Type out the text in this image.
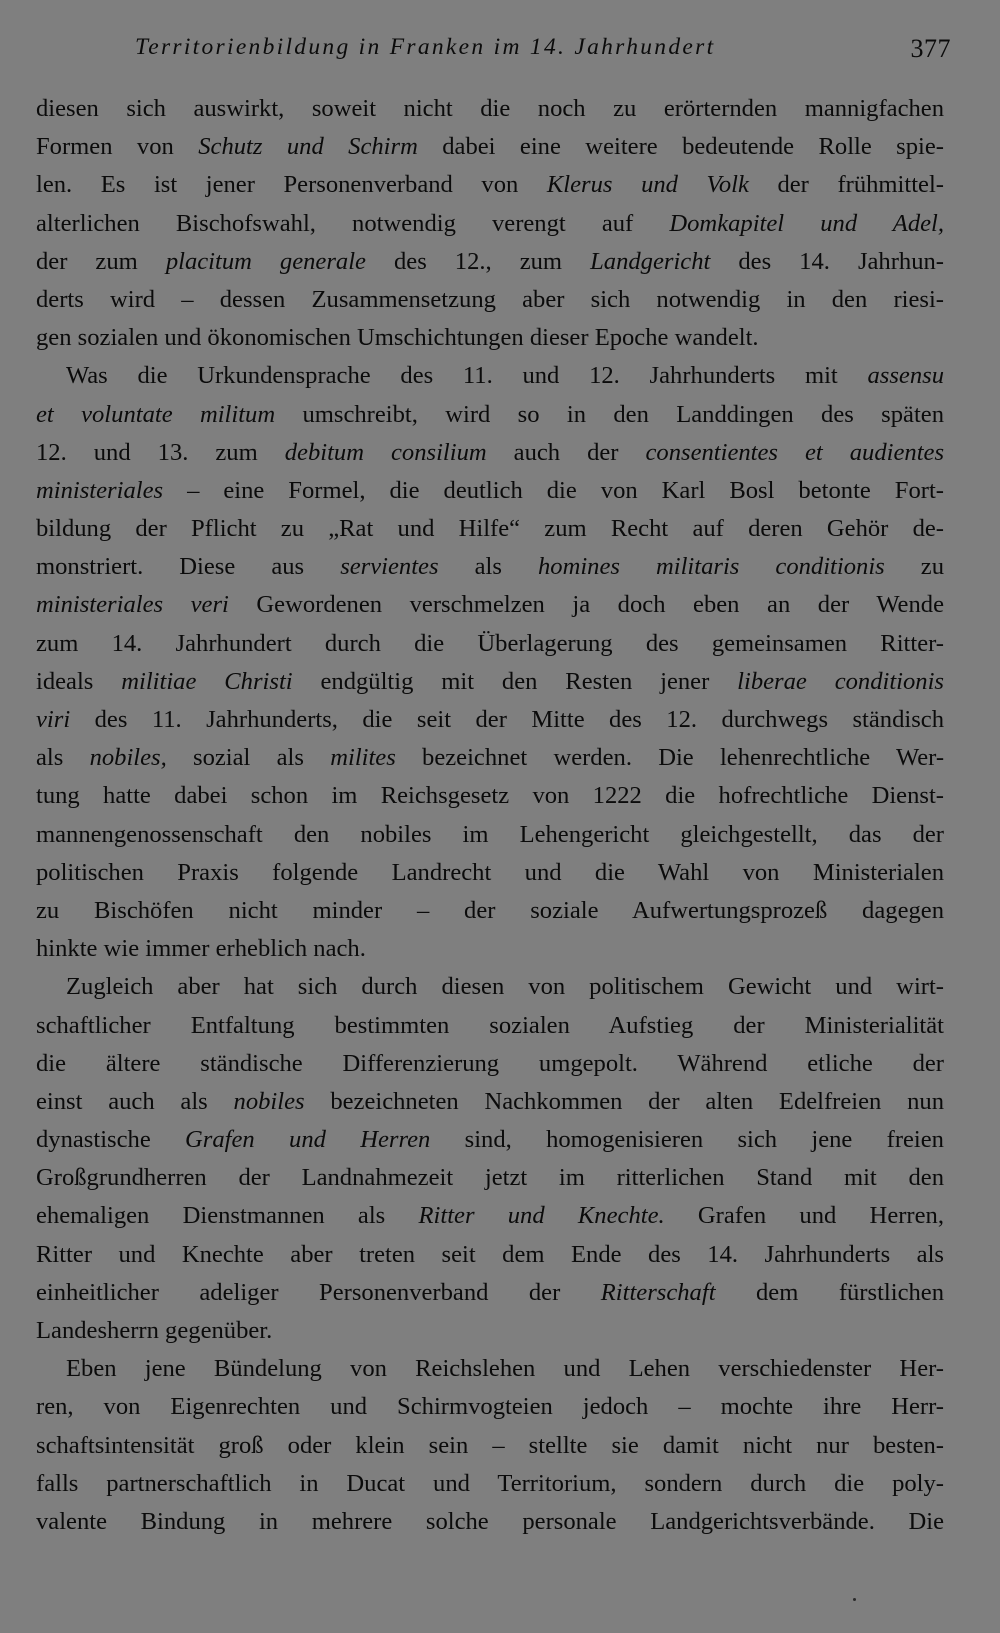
Territorienbildung in Franken im 14. Jahrhundert	377
diesen sich auswirkt, soweit nicht die noch zu erörternden mannigfachen
Formen von Schutz und Schirm dabei eine weitere bedeutende Rolle spie-
len. Es ist jener Personenverband von Klerus und Volk der frühmittel-
alterlichen Bischofswahl, notwendig verengt auf Domkapitel und Adel,
der zum placitum generale des 12., zum Landgericht des 14. Jahrhun-
derts wird – dessen Zusammensetzung aber sich notwendig in den riesi-
gen sozialen und ökonomischen Umschichtungen dieser Epoche wandelt.
Was die Urkundensprache des 11. und 12. Jahrhunderts mit assensu
et voluntate militum umschreibt, wird so in den Landdingen des späten
12. und 13. zum debitum consilium auch der consentientes et audientes
ministeriales – eine Formel, die deutlich die von Karl Bosl betonte Fort-
bildung der Pflicht zu „Rat und Hilfe“ zum Recht auf deren Gehör de-
monstriert. Diese aus servientes als homines militaris conditionis zu
ministeriales veri Gewordenen verschmelzen ja doch eben an der Wende
zum 14. Jahrhundert durch die Überlagerung des gemeinsamen Ritter-
ideals militiae Christi endgültig mit den Resten jener liberae conditionis
viri des 11. Jahrhunderts, die seit der Mitte des 12. durchwegs ständisch
als nobiles, sozial als milites bezeichnet werden. Die lehenrechtliche Wer-
tung hatte dabei schon im Reichsgesetz von 1222 die hofrechtliche Dienst-
mannengenossenschaft den nobiles im Lehengericht gleichgestellt, das der
politischen Praxis folgende Landrecht und die Wahl von Ministerialen
zu Bischöfen nicht minder – der soziale Aufwertungsprozeß dagegen
hinkte wie immer erheblich nach.
Zugleich aber hat sich durch diesen von politischem Gewicht und wirt-
schaftlicher Entfaltung bestimmten sozialen Aufstieg der Ministerialität
die ältere ständische Differenzierung umgepolt. Während etliche der
einst auch als nobiles bezeichneten Nachkommen der alten Edelfreien nun
dynastische Grafen und Herren sind, homogenisieren sich jene freien
Großgrundherren der Landnahmezeit jetzt im ritterlichen Stand mit den
ehemaligen Dienstmannen als Ritter und Knechte. Grafen und Herren,
Ritter und Knechte aber treten seit dem Ende des 14. Jahrhunderts als
einheitlicher adeliger Personenverband der Ritterschaft dem fürstlichen
Landesherrn gegenüber.
Eben jene Bündelung von Reichslehen und Lehen verschiedenster Her-
ren, von Eigenrechten und Schirmvogteien jedoch – mochte ihre Herr-
schaftsintensität groß oder klein sein – stellte sie damit nicht nur besten-
falls partnerschaftlich in Ducat und Territorium, sondern durch die poly-
valente Bindung in mehrere solche personale Landgerichtsverbände. Die
